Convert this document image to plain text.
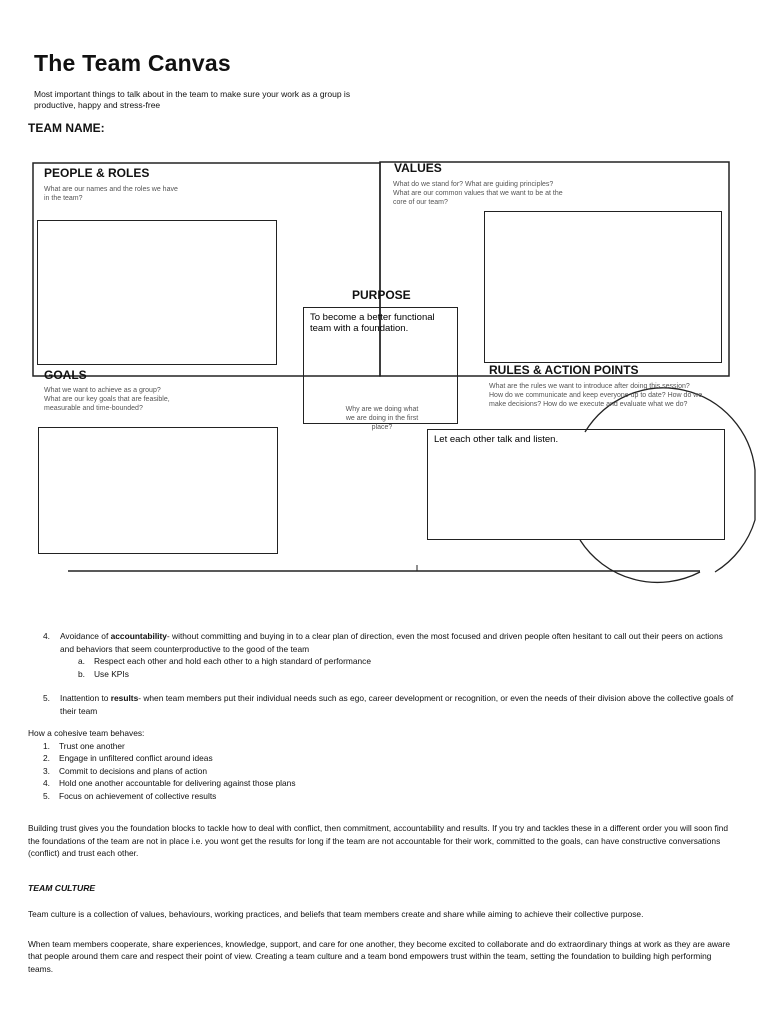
The Team Canvas
Most important things to talk about in the team to make sure your work as a group is productive, happy and stress-free
TEAM NAME:
PEOPLE & ROLES
What are our names and the roles we have in the team?
VALUES
What do we stand for? What are guiding principles? What are our common values that we want to be at the core of our team?
PURPOSE
To become a better functional team with a foundation.
Why are we doing what we are doing in the first place?
GOALS
What we want to achieve as a group? What are our key goals that are feasible, measurable and time-bounded?
RULES & ACTION POINTS
What are the rules we want to introduce after doing this session? How do we communicate and keep everyone up to date? How do we make decisions? How do we execute and evaluate what we do?
Let each other talk and listen.
4. Avoidance of accountability- without committing and buying in to a clear plan of direction, even the most focused and driven people often hesitant to call out their peers on actions and behaviors that seem counterproductive to the good of the team
a. Respect each other and hold each other to a high standard of performance
b. Use KPIs
5. Inattention to results- when team members put their individual needs such as ego, career development or recognition, or even the needs of their division above the collective goals of their team
How a cohesive team behaves:
1. Trust one another
2. Engage in unfiltered conflict around ideas
3. Commit to decisions and plans of action
4. Hold one another accountable for delivering against those plans
5. Focus on achievement of collective results
Building trust gives you the foundation blocks to tackle how to deal with conflict, then commitment, accountability and results. If you try and tackles these in a different order you will soon find the foundations of the team are not in place i.e. you wont get the results for long if the team are not accountable for their work, committed to the goals, can have constructive conversations (conflict) and trust each other.
TEAM CULTURE
Team culture is a collection of values, behaviours, working practices, and beliefs that team members create and share while aiming to achieve their collective purpose.
When team members cooperate, share experiences, knowledge, support, and care for one another, they become excited to collaborate and do extraordinary things at work as they are aware that people around them care and respect their point of view. Creating a team culture and a team bond empowers trust within the team, setting the foundation to building high performing teams.
